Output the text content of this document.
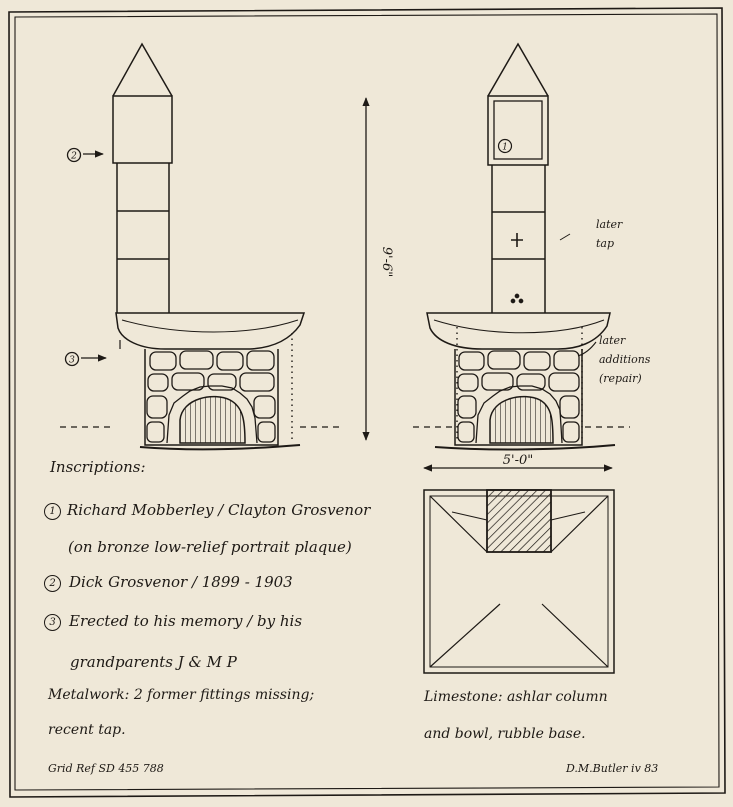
2
3
9'-6"
1
5'-0"
later
tap
later
additions
(repair)
Inscriptions:
1 Richard Mobberley / Clayton Grosvenor
(on bronze low-relief portrait plaque)
2 Dick Grosvenor / 1899 - 1903
3 Erected to his memory / by his
grandparents J & M P
Metalwork: 2 former fittings missing;
recent tap.
Grid Ref SD 455 788
Limestone: ashlar column
and bowl, rubble base.
D.M.Butler iv 83
